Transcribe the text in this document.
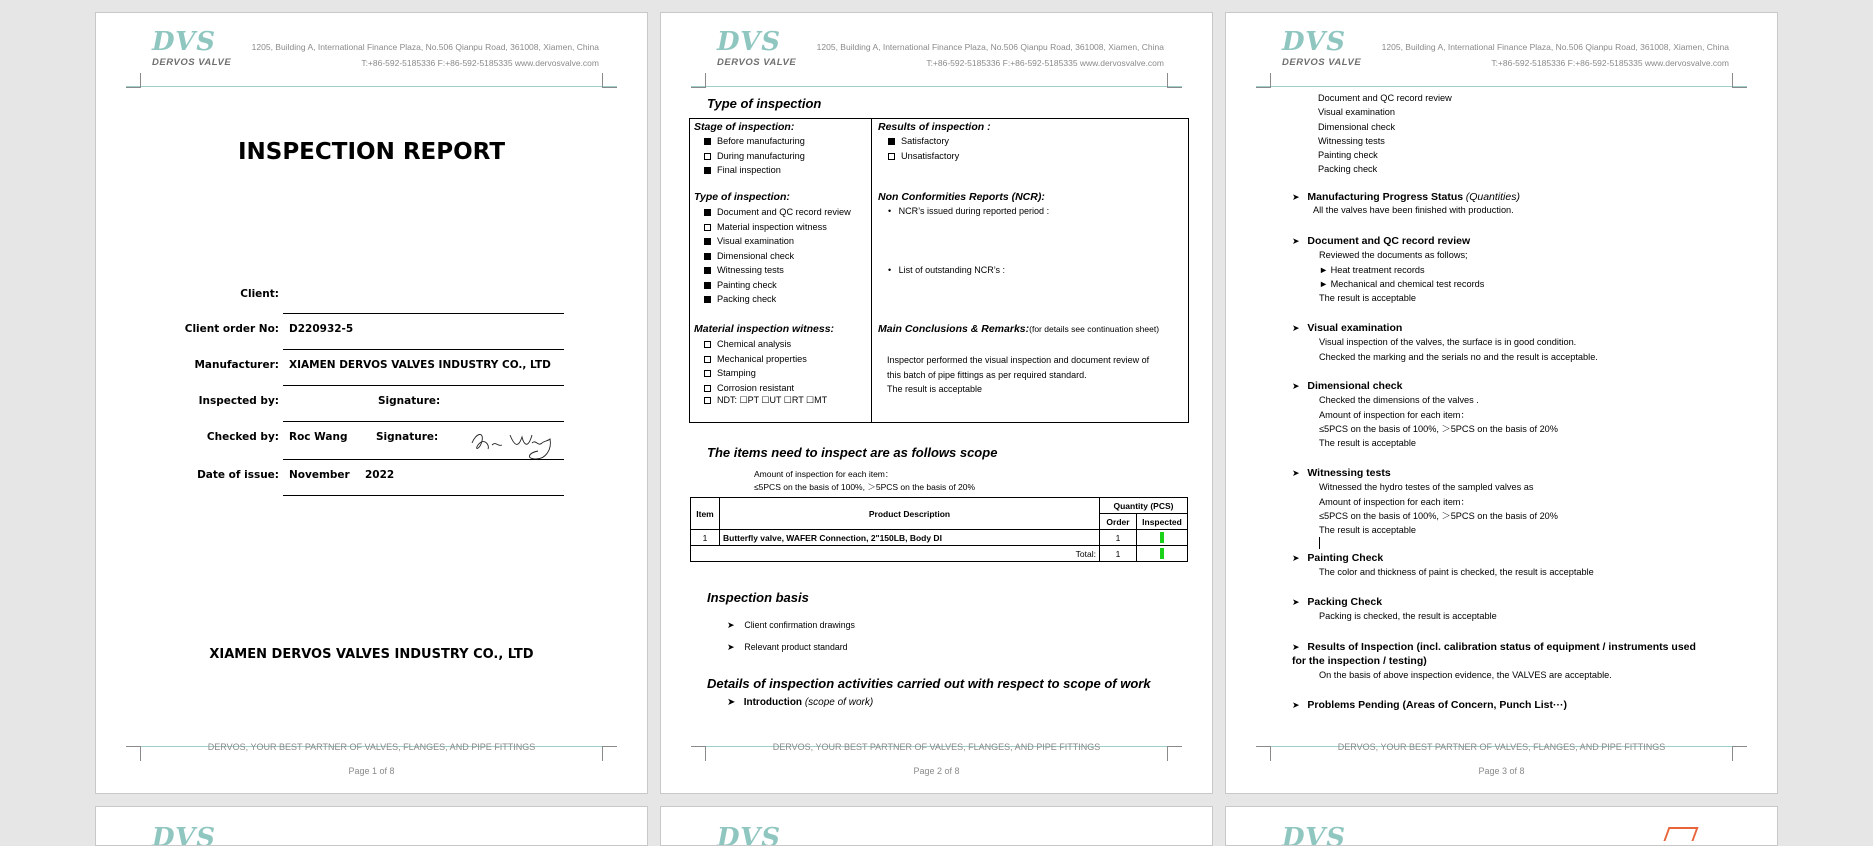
DVS
DERVOS VALVE
1205, Building A, International Finance Plaza, No.506 Qianpu Road, 361008, Xiamen, China
T:+86-592-5185336 F:+86-592-5185335 www.dervosvalve.com
INSPECTION REPORT
Client:
Client order No: D220932-5
Manufacturer: XIAMEN DERVOS VALVES INDUSTRY CO., LTD
Inspected by:	Signature:
Checked by: Roc Wang	Signature:
Date of issue: November 2022
XIAMEN DERVOS VALVES INDUSTRY CO., LTD
DERVOS, YOUR BEST PARTNER OF VALVES, FLANGES, AND PIPE FITTINGS
Page 1 of 8
DVS
DERVOS VALVE
1205, Building A, International Finance Plaza, No.506 Qianpu Road, 361008, Xiamen, China
T:+86-592-5185336 F:+86-592-5185335 www.dervosvalve.com
Type of inspection
Stage of inspection:
Before manufacturing
During manufacturing
Final inspection
Results of inspection :
Satisfactory
Unsatisfactory
Type of inspection:
Document and QC record review
Material inspection witness
Visual examination
Dimensional check
Witnessing tests
Painting check
Packing check
Non Conformities Reports (NCR):
•   NCR’s issued during reported period :
•   List of outstanding NCR’s :
Material inspection witness:
Chemical analysis
Mechanical properties
Stamping
Corrosion resistant
NDT: ☐PT ☐UT ☐RT ☐MT
Main Conclusions & Remarks:(for details see continuation sheet)
Inspector performed the visual inspection and document review of
this batch of pipe fittings as per required standard.
The result is acceptable
The items need to inspect are as follows scope
Amount of inspection for each item：
≤5PCS on the basis of 100%, ＞5PCS on the basis of 20%
Item	Product Description	Quantity (PCS)	
		Order	Inspected
1	Butterfly valve, WAFER Connection, 2"150LB, Body DI	1	
Total:		1	
Inspection basis
➤ Client confirmation drawings
➤ Relevant product standard
Details of inspection activities carried out with respect to scope of work
➤   Introduction (scope of work)
DERVOS, YOUR BEST PARTNER OF VALVES, FLANGES, AND PIPE FITTINGS
Page 2 of 8
DVS
DERVOS VALVE
1205, Building A, International Finance Plaza, No.506 Qianpu Road, 361008, Xiamen, China
T:+86-592-5185336 F:+86-592-5185335 www.dervosvalve.com
Document and QC record review
Visual examination
Dimensional check
Witnessing tests
Painting check
Packing check
➤   Manufacturing Progress Status (Quantities)
All the valves have been finished with production.
➤   Document and QC record review
Reviewed the documents as follows;
► Heat treatment records
► Mechanical and chemical test records
The result is acceptable
➤   Visual examination
Visual inspection of the valves, the surface is in good condition.
Checked the marking and the serials no and the result is acceptable.
➤   Dimensional check
Checked the dimensions of the valves .
Amount of inspection for each item：
≤5PCS on the basis of 100%, ＞5PCS on the basis of 20%
The result is acceptable
➤   Witnessing tests
Witnessed the hydro testes of the sampled valves as
Amount of inspection for each item：
≤5PCS on the basis of 100%, ＞5PCS on the basis of 20%
The result is acceptable
➤   Painting Check
The color and thickness of paint is checked, the result is acceptable
➤   Packing Check
Packing is checked, the result is acceptable
➤   Results of Inspection (incl. calibration status of equipment / instruments used
for the inspection / testing)
On the basis of above inspection evidence, the VALVES are acceptable.
➤   Problems Pending (Areas of Concern, Punch List···)
DERVOS, YOUR BEST PARTNER OF VALVES, FLANGES, AND PIPE FITTINGS
Page 3 of 8
DVS	DVS	DVS
